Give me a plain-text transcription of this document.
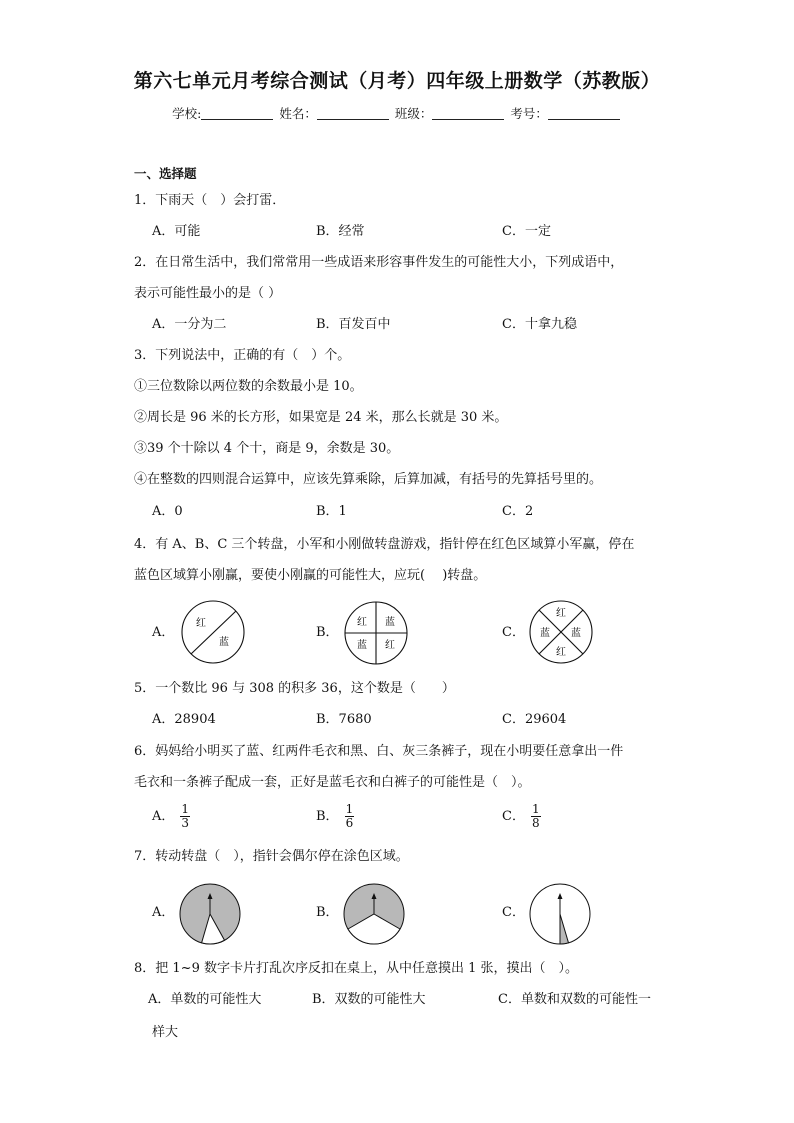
第六七单元月考综合测试（月考）四年级上册数学（苏教版）
学校:	姓名：	班级：	考号：
一、选择题
1．下雨天（　）会打雷．
A．可能	B．经常	C．一定
2．在日常生活中，我们常常用一些成语来形容事件发生的可能性大小，下列成语中，
表示可能性最小的是（ ）
A．一分为二	B．百发百中	C．十拿九稳
3．下列说法中，正确的有（　）个。
①三位数除以两位数的余数最小是 10。
②周长是 96 米的长方形，如果宽是 24 米，那么长就是 30 米。
③39 个十除以 4 个十，商是 9，余数是 30。
④在整数的四则混合运算中，应该先算乘除，后算加减，有括号的先算括号里的。
A．0	B．1	C．2
4．有 A、B、C 三个转盘，小军和小刚做转盘游戏，指针停在红色区域算小军赢，停在
蓝色区域算小刚赢，要使小刚赢的可能性大，应玩(　 )转盘。
A．
红
蓝
B．
红 蓝
蓝 红
C．
红
蓝 蓝
红
5．一个数比 96 与 308 的积多 36，这个数是（　　）
A．28904	B．7680	C．29604
6．妈妈给小明买了蓝、红两件毛衣和黑、白、灰三条裤子，现在小明要任意拿出一件
毛衣和一条裤子配成一套，正好是蓝毛衣和白裤子的可能性是（　）。
A． $\frac{1}{3}$	B． $\frac{1}{6}$	C． $\frac{1}{8}$
7．转动转盘（　），指针会偶尔停在涂色区域。
A．	B．	C．
8．把 1~9 数字卡片打乱次序反扣在桌上，从中任意摸出 1 张，摸出（　）。
A．单数的可能性大	B．双数的可能性大	C．单数和双数的可能性一
样大
